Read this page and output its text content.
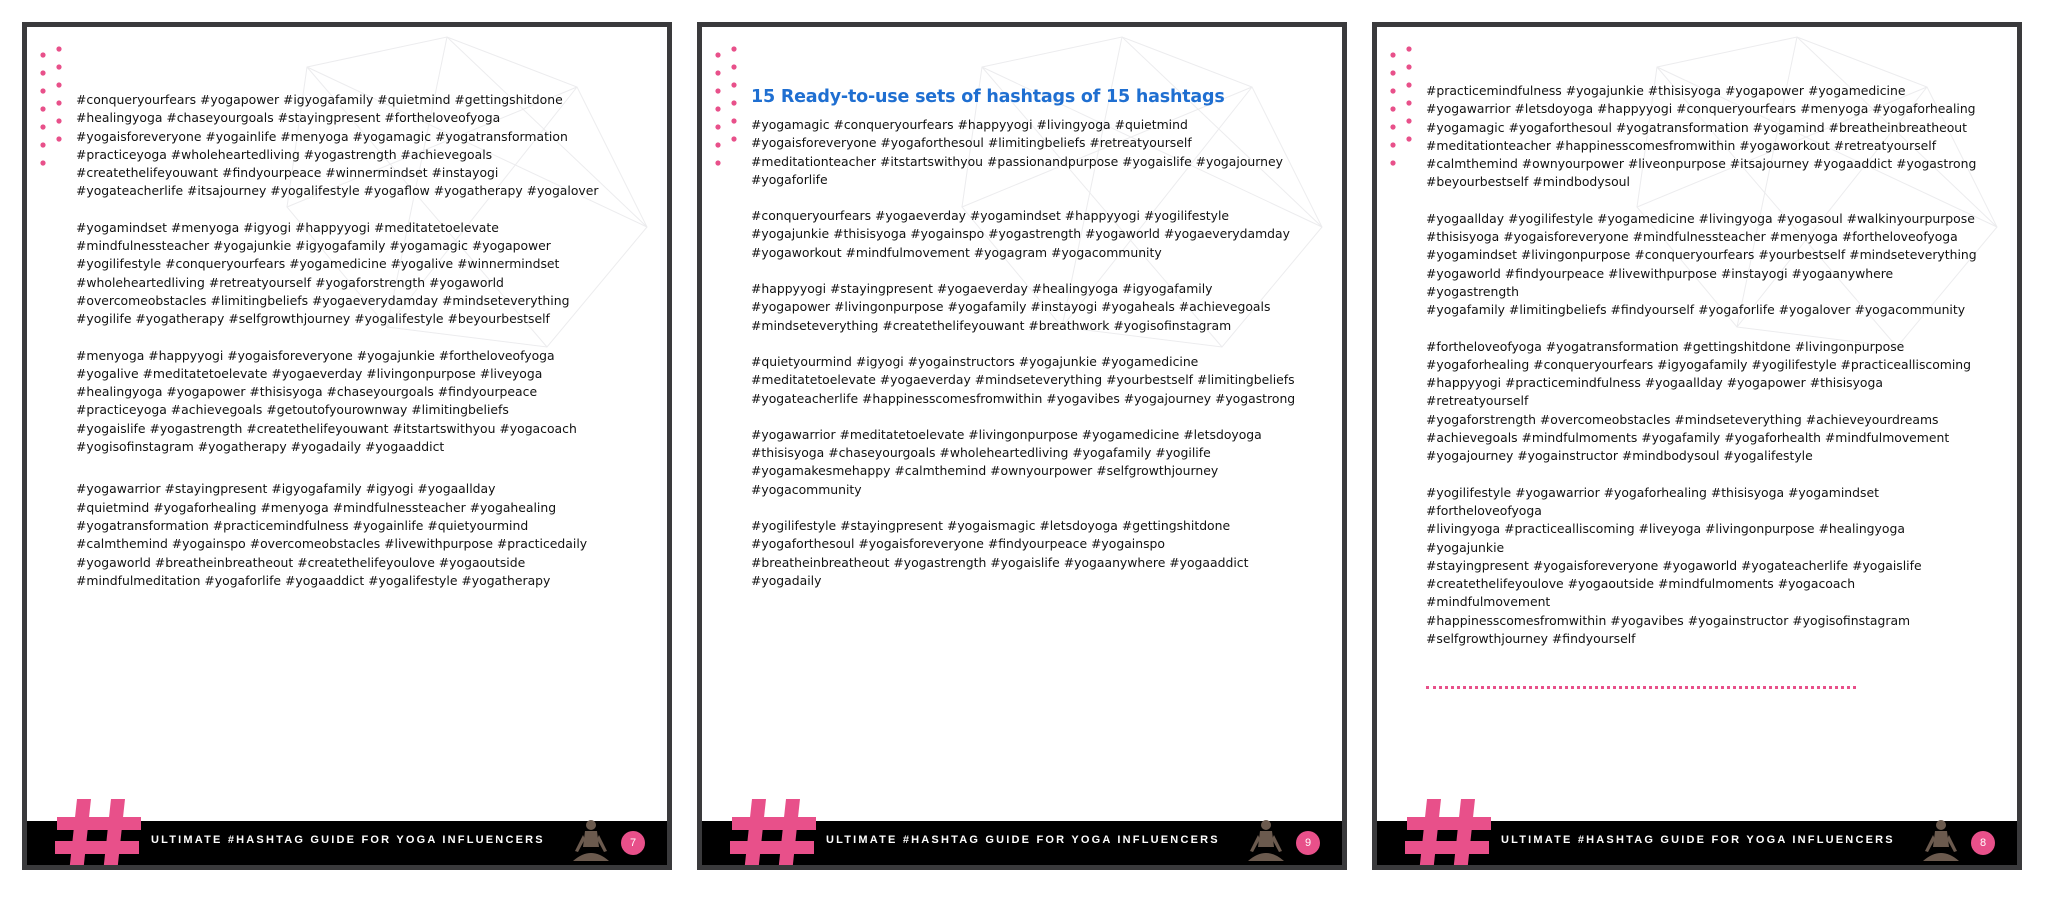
#conqueryourfears #yogapower #igyogafamily #quietmind #gettingshitdone
#healingyoga #chaseyourgoals #stayingpresent #fortheloveofyoga
#yogaisforeveryone #yogainlife #menyoga #yogamagic #yogatransformation
#practiceyoga #wholeheartedliving #yogastrength #achievegoals
#createthelifeyouwant #findyourpeace #winnermindset #instayogi
#yogateacherlife #itsajourney #yogalifestyle #yogaflow #yogatherapy #yogalover
#yogamindset #menyoga #igyogi #happyyogi #meditatetoelevate
#mindfulnessteacher #yogajunkie #igyogafamily #yogamagic #yogapower
#yogilifestyle #conqueryourfears #yogamedicine #yogalive #winnermindset
#wholeheartedliving #retreatyourself #yogaforstrength #yogaworld
#overcomeobstacles #limitingbeliefs #yogaeverydamday #mindseteverything
#yogilife #yogatherapy #selfgrowthjourney #yogalifestyle #beyourbestself
#menyoga #happyyogi #yogaisforeveryone #yogajunkie #fortheloveofyoga
#yogalive #meditatetoelevate #yogaeverday #livingonpurpose #liveyoga
#healingyoga #yogapower #thisisyoga #chaseyourgoals #findyourpeace
#practiceyoga #achievegoals #getoutofyourownway #limitingbeliefs
#yogaislife #yogastrength #createthelifeyouwant #itstartswithyou #yogacoach
#yogisofinstagram #yogatherapy #yogadaily #yogaaddict
#yogawarrior #stayingpresent #igyogafamily #igyogi #yogaallday
#quietmind #yogaforhealing #menyoga #mindfulnessteacher #yogahealing
#yogatransformation #practicemindfulness #yogainlife #quietyourmind
#calmthemind #yogainspo #overcomeobstacles #livewithpurpose #practicedaily
#yogaworld #breatheinbreatheout #createthelifeyoulove #yogaoutside
#mindfulmeditation #yogaforlife #yogaaddict #yogalifestyle #yogatherapy
ULTIMATE #HASHTAG GUIDE FOR YOGA INFLUENCERS	7
15 Ready-to-use sets of hashtags of 15 hashtags
#yogamagic #conqueryourfears #happyyogi #livingyoga #quietmind
#yogaisforeveryone #yogaforthesoul #limitingbeliefs #retreatyourself
#meditationteacher #itstartswithyou #passionandpurpose #yogaislife #yogajourney
#yogaforlife
#conqueryourfears #yogaeverday #yogamindset #happyyogi #yogilifestyle
#yogajunkie #thisisyoga #yogainspo #yogastrength #yogaworld #yogaeverydamday
#yogaworkout #mindfulmovement #yogagram #yogacommunity
#happyyogi #stayingpresent #yogaeverday #healingyoga #igyogafamily
#yogapower #livingonpurpose #yogafamily #instayogi #yogaheals #achievegoals
#mindseteverything #createthelifeyouwant #breathwork #yogisofinstagram
#quietyourmind #igyogi #yogainstructors #yogajunkie #yogamedicine
#meditatetoelevate #yogaeverday #mindseteverything #yourbestself #limitingbeliefs
#yogateacherlife #happinesscomesfromwithin #yogavibes #yogajourney #yogastrong
#yogawarrior #meditatetoelevate #livingonpurpose #yogamedicine #letsdoyoga
#thisisyoga #chaseyourgoals #wholeheartedliving #yogafamily #yogilife
#yogamakesmehappy #calmthemind #ownyourpower #selfgrowthjourney
#yogacommunity
#yogilifestyle #stayingpresent #yogaismagic #letsdoyoga #gettingshitdone
#yogaforthesoul #yogaisforeveryone #findyourpeace #yogainspo
#breatheinbreatheout #yogastrength #yogaislife #yogaanywhere #yogaaddict
#yogadaily
ULTIMATE #HASHTAG GUIDE FOR YOGA INFLUENCERS	9
#practicemindfulness #yogajunkie #thisisyoga #yogapower #yogamedicine
#yogawarrior #letsdoyoga #happyyogi #conqueryourfears #menyoga #yogaforhealing
#yogamagic #yogaforthesoul #yogatransformation #yogamind #breatheinbreatheout
#meditationteacher #happinesscomesfromwithin #yogaworkout #retreatyourself
#calmthemind #ownyourpower #liveonpurpose #itsajourney #yogaaddict #yogastrong
#beyourbestself #mindbodysoul
#yogaallday #yogilifestyle #yogamedicine #livingyoga #yogasoul #walkinyourpurpose
#thisisyoga #yogaisforeveryone #mindfulnessteacher #menyoga #fortheloveofyoga
#yogamindset #livingonpurpose #conqueryourfears #yourbestself #mindseteverything
#yogaworld #findyourpeace #livewithpurpose #instayogi #yogaanywhere #yogastrength
#yogafamily #limitingbeliefs #findyourself #yogaforlife #yogalover #yogacommunity
#fortheloveofyoga #yogatransformation #gettingshitdone #livingonpurpose
#yogaforhealing #conqueryourfears #igyogafamily #yogilifestyle #practicealliscoming
#happyyogi #practicemindfulness #yogaallday #yogapower #thisisyoga #retreatyourself
#yogaforstrength #overcomeobstacles #mindseteverything #achieveyourdreams
#achievegoals #mindfulmoments #yogafamily #yogaforhealth #mindfulmovement
#yogajourney #yogainstructor #mindbodysoul #yogalifestyle
#yogilifestyle #yogawarrior #yogaforhealing #thisisyoga #yogamindset #fortheloveofyoga
#livingyoga #practicealliscoming #liveyoga #livingonpurpose #healingyoga #yogajunkie
#stayingpresent #yogaisforeveryone #yogaworld #yogateacherlife #yogaislife
#createthelifeyoulove #yogaoutside #mindfulmoments #yogacoach #mindfulmovement
#happinesscomesfromwithin #yogavibes #yogainstructor #yogisofinstagram
#selfgrowthjourney #findyourself
ULTIMATE #HASHTAG GUIDE FOR YOGA INFLUENCERS	8
